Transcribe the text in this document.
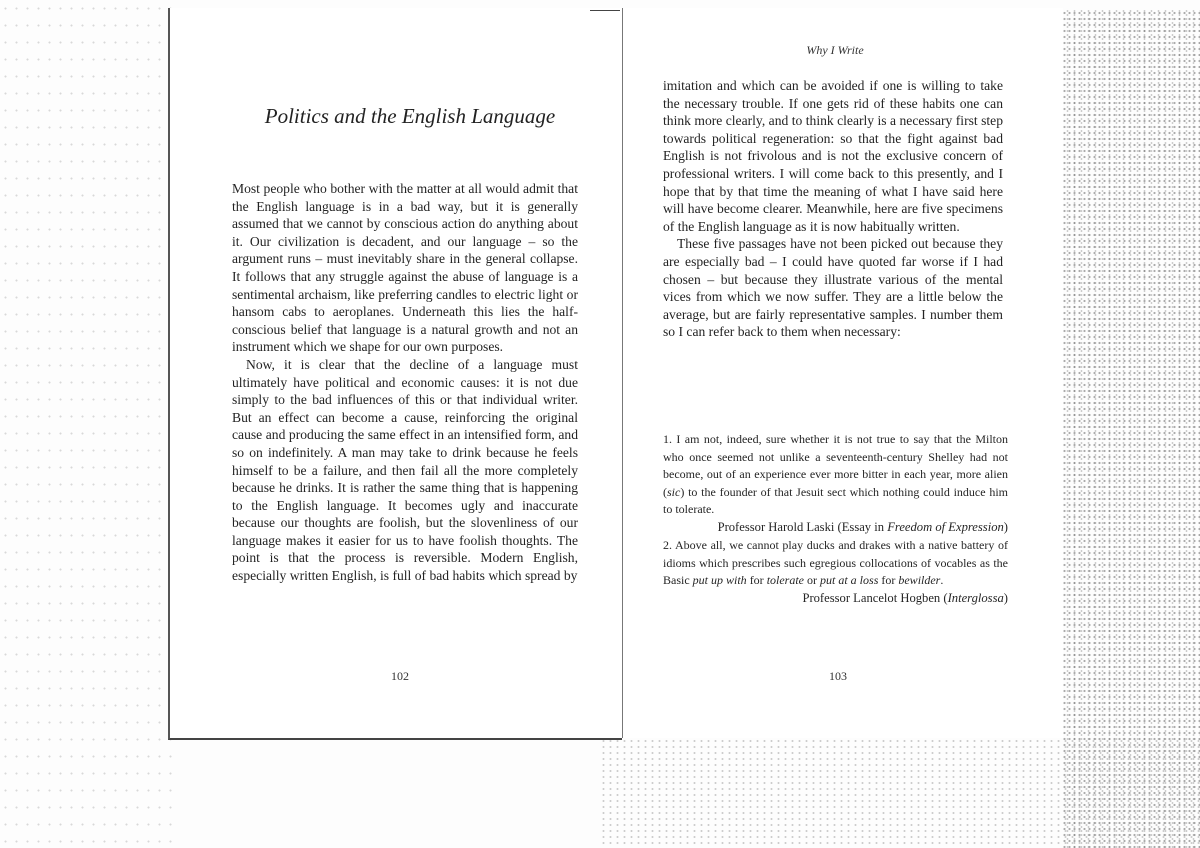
Politics and the English Language

Most people who bother with the matter at all would admit that the English language is in a bad way, but it is generally assumed that we cannot by conscious action do anything about it. Our civilization is decadent, and our language – so the argument runs – must inevitably share in the general collapse. It follows that any struggle against the abuse of language is a sentimental archaism, like preferring candles to electric light or hansom cabs to aeroplanes. Underneath this lies the half-conscious belief that language is a natural growth and not an instrument which we shape for our own purposes.

Now, it is clear that the decline of a language must ultimately have political and economic causes: it is not due simply to the bad influences of this or that individual writer. But an effect can become a cause, reinforcing the original cause and producing the same effect in an intensified form, and so on indefinitely. A man may take to drink because he feels himself to be a failure, and then fail all the more completely because he drinks. It is rather the same thing that is happening to the English language. It becomes ugly and inaccurate because our thoughts are foolish, but the slovenliness of our language makes it easier for us to have foolish thoughts. The point is that the process is reversible. Modern English, especially written English, is full of bad habits which spread by

102
Why I Write

imitation and which can be avoided if one is willing to take the necessary trouble. If one gets rid of these habits one can think more clearly, and to think clearly is a necessary first step towards political regeneration: so that the fight against bad English is not frivolous and is not the exclusive concern of professional writers. I will come back to this presently, and I hope that by that time the meaning of what I have said here will have become clearer. Meanwhile, here are five specimens of the English language as it is now habitually written.

These five passages have not been picked out because they are especially bad – I could have quoted far worse if I had chosen – but because they illustrate various of the mental vices from which we now suffer. They are a little below the average, but are fairly representative samples. I number them so I can refer back to them when necessary:

1. I am not, indeed, sure whether it is not true to say that the Milton who once seemed not unlike a seventeenth-century Shelley had not become, out of an experience ever more bitter in each year, more alien (sic) to the founder of that Jesuit sect which nothing could induce him to tolerate.

Professor Harold Laski (Essay in Freedom of Expression)

2. Above all, we cannot play ducks and drakes with a native battery of idioms which prescribes such egregious collocations of vocables as the Basic put up with for tolerate or put at a loss for bewilder.

Professor Lancelot Hogben (Interglossa)

103
